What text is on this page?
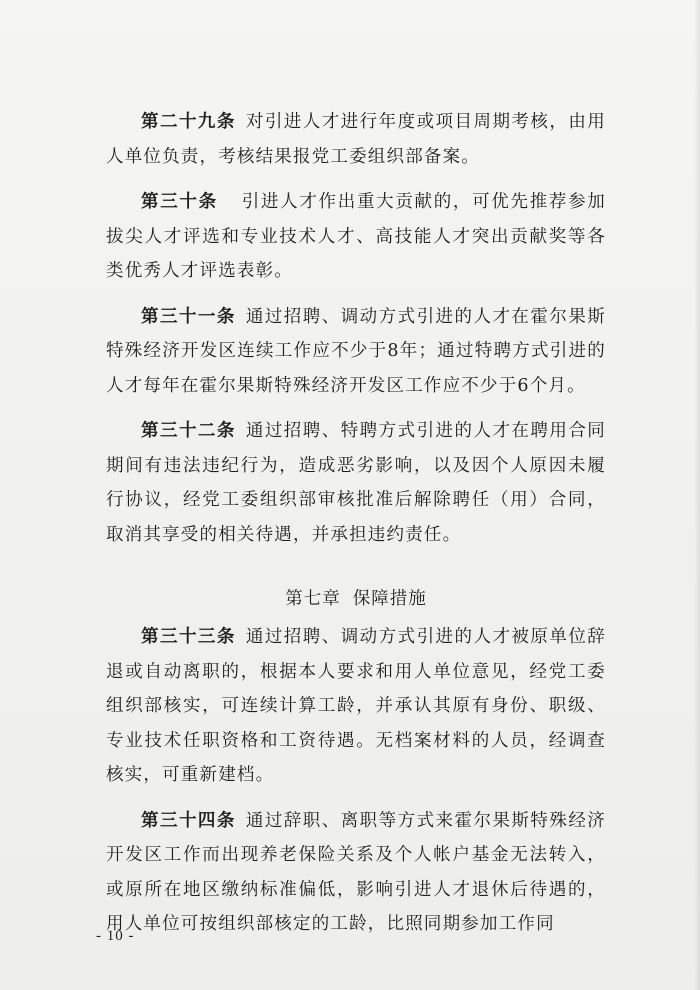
第二十九条 对引进人才进行年度或项目周期考核，由用人单位负责，考核结果报党工委组织部备案。

第三十条 引进人才作出重大贡献的，可优先推荐参加拔尖人才评选和专业技术人才、高技能人才突出贡献奖等各类优秀人才评选表彰。

第三十一条 通过招聘、调动方式引进的人才在霍尔果斯特殊经济开发区连续工作应不少于8年；通过特聘方式引进的人才每年在霍尔果斯特殊经济开发区工作应不少于6个月。

第三十二条 通过招聘、特聘方式引进的人才在聘用合同期间有违法违纪行为，造成恶劣影响，以及因个人原因未履行协议，经党工委组织部审核批准后解除聘任（用）合同，取消其享受的相关待遇，并承担违约责任。

第七章 保障措施

第三十三条 通过招聘、调动方式引进的人才被原单位辞退或自动离职的，根据本人要求和用人单位意见，经党工委组织部核实，可连续计算工龄，并承认其原有身份、职级、专业技术任职资格和工资待遇。无档案材料的人员，经调查核实，可重新建档。

第三十四条 通过辞职、离职等方式来霍尔果斯特殊经济开发区工作而出现养老保险关系及个人帐户基金无法转入，或原所在地区缴纳标准偏低，影响引进人才退休后待遇的，用人单位可按组织部核定的工龄，比照同期参加工作同

- 10 -
